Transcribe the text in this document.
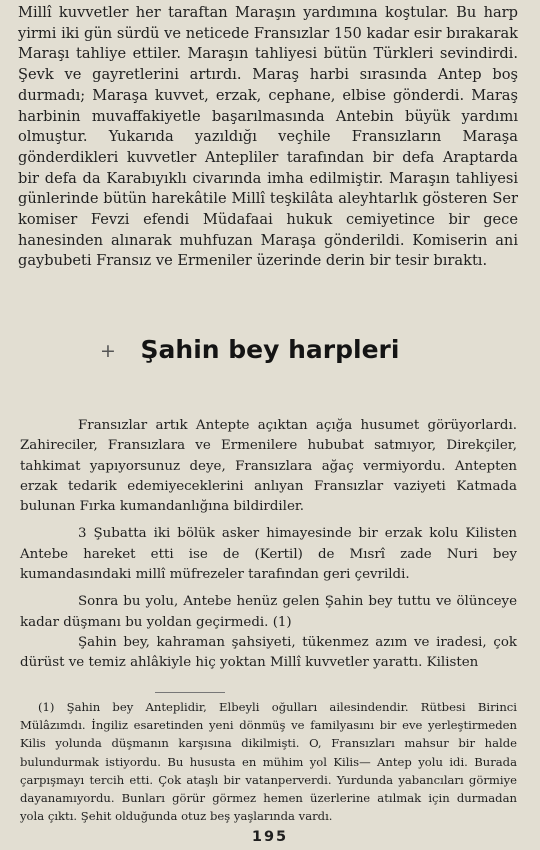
Millî kuvvetler her taraftan Maraşın yardımına koştular. Bu harp yirmi iki gün sürdü ve neticede Fransızlar 150 kadar esir bırakarak Maraşı tahliye ettiler. Maraşın tahliyesi bütün Türkleri sevindirdi. Şevk ve gayretlerini artırdı. Maraş harbi sırasında Antep boş durmadı; Maraşa kuvvet, erzak, cephane, elbise gönderdi. Maraş harbinin muvaffakiyetle başarılmasında Antebin büyük yardımı olmuştur. Yukarıda yazıldığı veçhile Fransızların Maraşa gönderdikleri kuvvetler Antepliler tarafından bir defa Araptarda bir defa da Karabıyıklı civarında imha edilmiştir. Maraşın tahliyesi günlerinde bütün harekâtile Millî teşkilâta aleyhtarlık gösteren Ser komiser Fevzi efendi Müdafaai hukuk cemiyetince bir gece hanesinden alınarak muhfuzan Maraşa gönderildi. Komiserin ani gaybubeti Fransız ve Ermeniler üzerinde derin bir tesir bıraktı.

+ Şahin bey harpleri

Fransızlar artık Antepte açıktan açığa husumet görüyorlardı. Zahireciler, Fransızlara ve Ermenilere hububat satmıyor, Direkçiler, tahkimat yapıyorsunuz deye, Fransızlara ağaç vermiyordu. Antepten erzak tedarik edemiyeceklerini anlıyan Fransızlar vaziyeti Katmada bulunan Fırka kumandanlığına bildirdiler.

3 Şubatta iki bölük asker himayesinde bir erzak kolu Kilisten Antebe hareket etti ise de (Kertil) de Mısrî zade Nuri bey kumandasındaki millî müfrezeler tarafından geri çevrildi.

Sonra bu yolu, Antebe henüz gelen Şahin bey tuttu ve ölünceye kadar düşmanı bu yoldan geçirmedi. (1)

Şahin bey, kahraman şahsiyeti, tükenmez azım ve iradesi, çok dürüst ve temiz ahlâkiyle hiç yoktan Millî kuvvetler yarattı. Kilisten

(1) Şahin bey Anteplidir, Elbeyli oğulları ailesindendir. Rütbesi Birinci Mülâzımdı. İngiliz esaretinden yeni dönmüş ve familyasını bir eve yerleştirmeden Kilis yolunda düşmanın karşısına dikilmişti. O, Fransızları mahsur bir halde bulundurmak istiyordu. Bu hususta en mühim yol Kilis— Antep yolu idi. Burada çarpışmayı tercih etti. Çok ataşlı bir vatanperverdi. Yurdunda yabancıları görmiye dayanamıyordu. Bunları görür görmez hemen üzerlerine atılmak için durmadan yola çıktı. Şehit olduğunda otuz beş yaşlarında vardı.

195
